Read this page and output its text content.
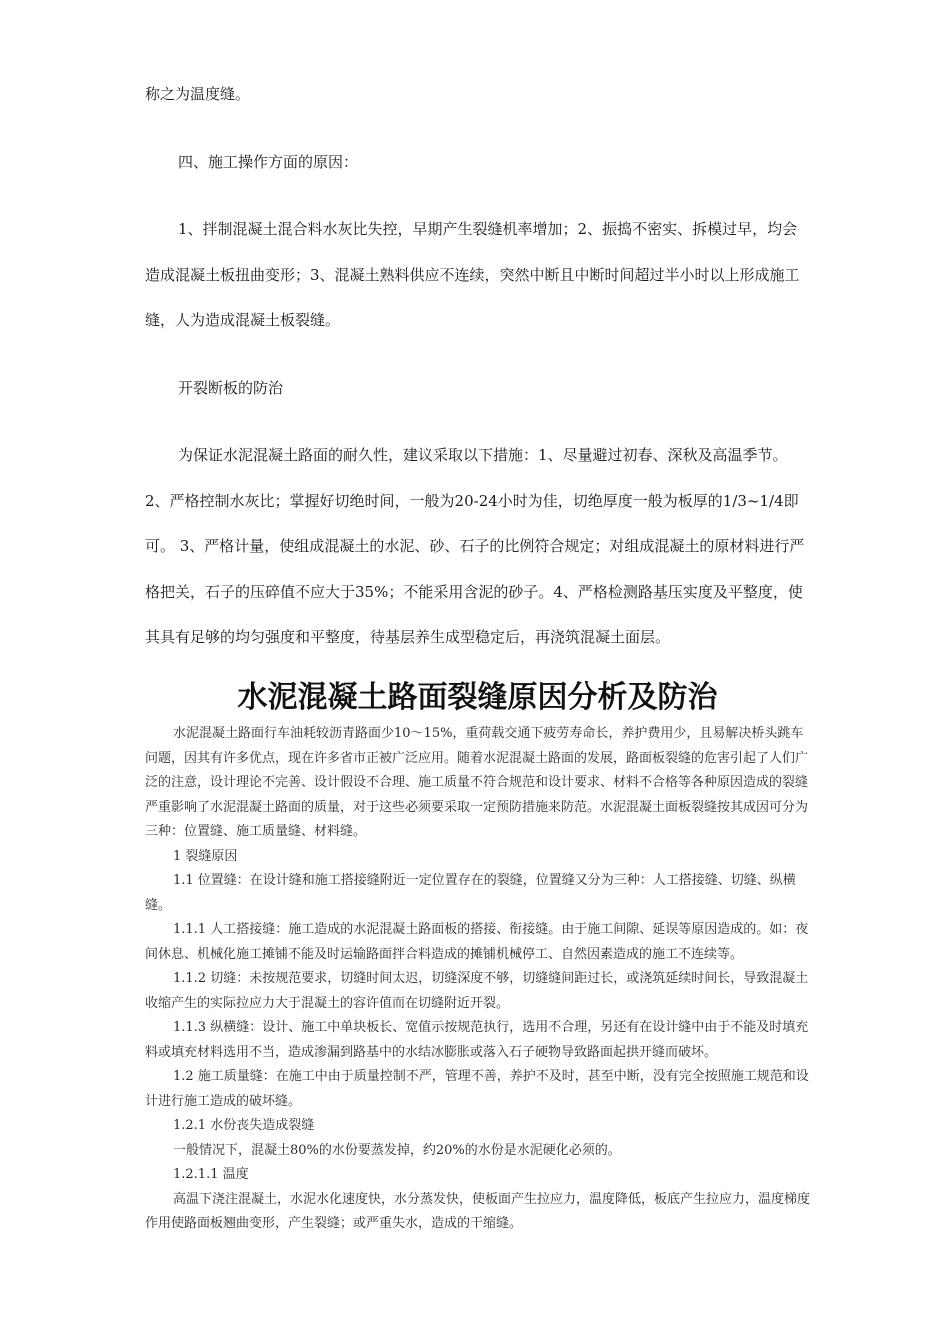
称之为温度缝。

四、施工操作方面的原因：

1、拌制混凝土混合料水灰比失控，早期产生裂缝机率增加；2、振捣不密实、拆模过早，均会造成混凝土板扭曲变形；3、混凝土熟料供应不连续，突然中断且中断时间超过半小时以上形成施工缝，人为造成混凝土板裂缝。

开裂断板的防治

为保证水泥混凝土路面的耐久性，建议采取以下措施：1、尽量避过初春、深秋及高温季节。2、严格控制水灰比；掌握好切绝时间，一般为20-24小时为佳，切绝厚度一般为板厚的1/3~1/4即可。 3、严格计量，使组成混凝土的水泥、砂、石子的比例符合规定；对组成混凝土的原材料进行严格把关，石子的压碎值不应大于35%；不能采用含泥的砂子。4、严格检测路基压实度及平整度，使其具有足够的均匀强度和平整度，待基层养生成型稳定后，再浇筑混凝土面层。

水泥混凝土路面裂缝原因分析及防治

水泥混凝土路面行车油耗较沥青路面少10～15%，重荷载交通下疲劳寿命长，养护费用少，且易解决桥头跳车问题，因其有许多优点，现在许多省市正被广泛应用。随着水泥混凝土路面的发展，路面板裂缝的危害引起了人们广泛的注意，设计理论不完善、设计假设不合理、施工质量不符合规范和设计要求、材料不合格等各种原因造成的裂缝严重影响了水泥混凝土路面的质量，对于这些必须要采取一定预防措施来防范。水泥混凝土面板裂缝按其成因可分为三种：位置缝、施工质量缝、材料缝。

1 裂缝原因

1.1 位置缝：在设计缝和施工搭接缝附近一定位置存在的裂缝，位置缝又分为三种：人工搭接缝、切缝、纵横缝。

1.1.1 人工搭接缝：施工造成的水泥混凝土路面板的搭接、衔接缝。由于施工间隙、延误等原因造成的。如：夜间休息、机械化施工摊铺不能及时运输路面拌合料造成的摊铺机械停工、自然因素造成的施工不连续等。

1.1.2 切缝：未按规范要求，切缝时间太迟，切缝深度不够，切缝缝间距过长，或浇筑延续时间长，导致混凝土收缩产生的实际拉应力大于混凝土的容许值而在切缝附近开裂。

1.1.3 纵横缝：设计、施工中单块板长、宽值示按规范执行，选用不合理，另还有在设计缝中由于不能及时填充料或填充材料选用不当，造成渗漏到路基中的水结冰膨胀或落入石子硬物导致路面起拱开缝而破坏。

1.2 施工质量缝：在施工中由于质量控制不严，管理不善，养护不及时，甚至中断，没有完全按照施工规范和设计进行施工造成的破坏缝。

1.2.1 水份丧失造成裂缝

一般情况下，混凝土80%的水份要蒸发掉，约20%的水份是水泥硬化必须的。

1.2.1.1 温度

高温下浇注混凝土，水泥水化速度快，水分蒸发快，使板面产生拉应力，温度降低，板底产生拉应力，温度梯度作用使路面板翘曲变形，产生裂缝；或严重失水，造成的干缩缝。
